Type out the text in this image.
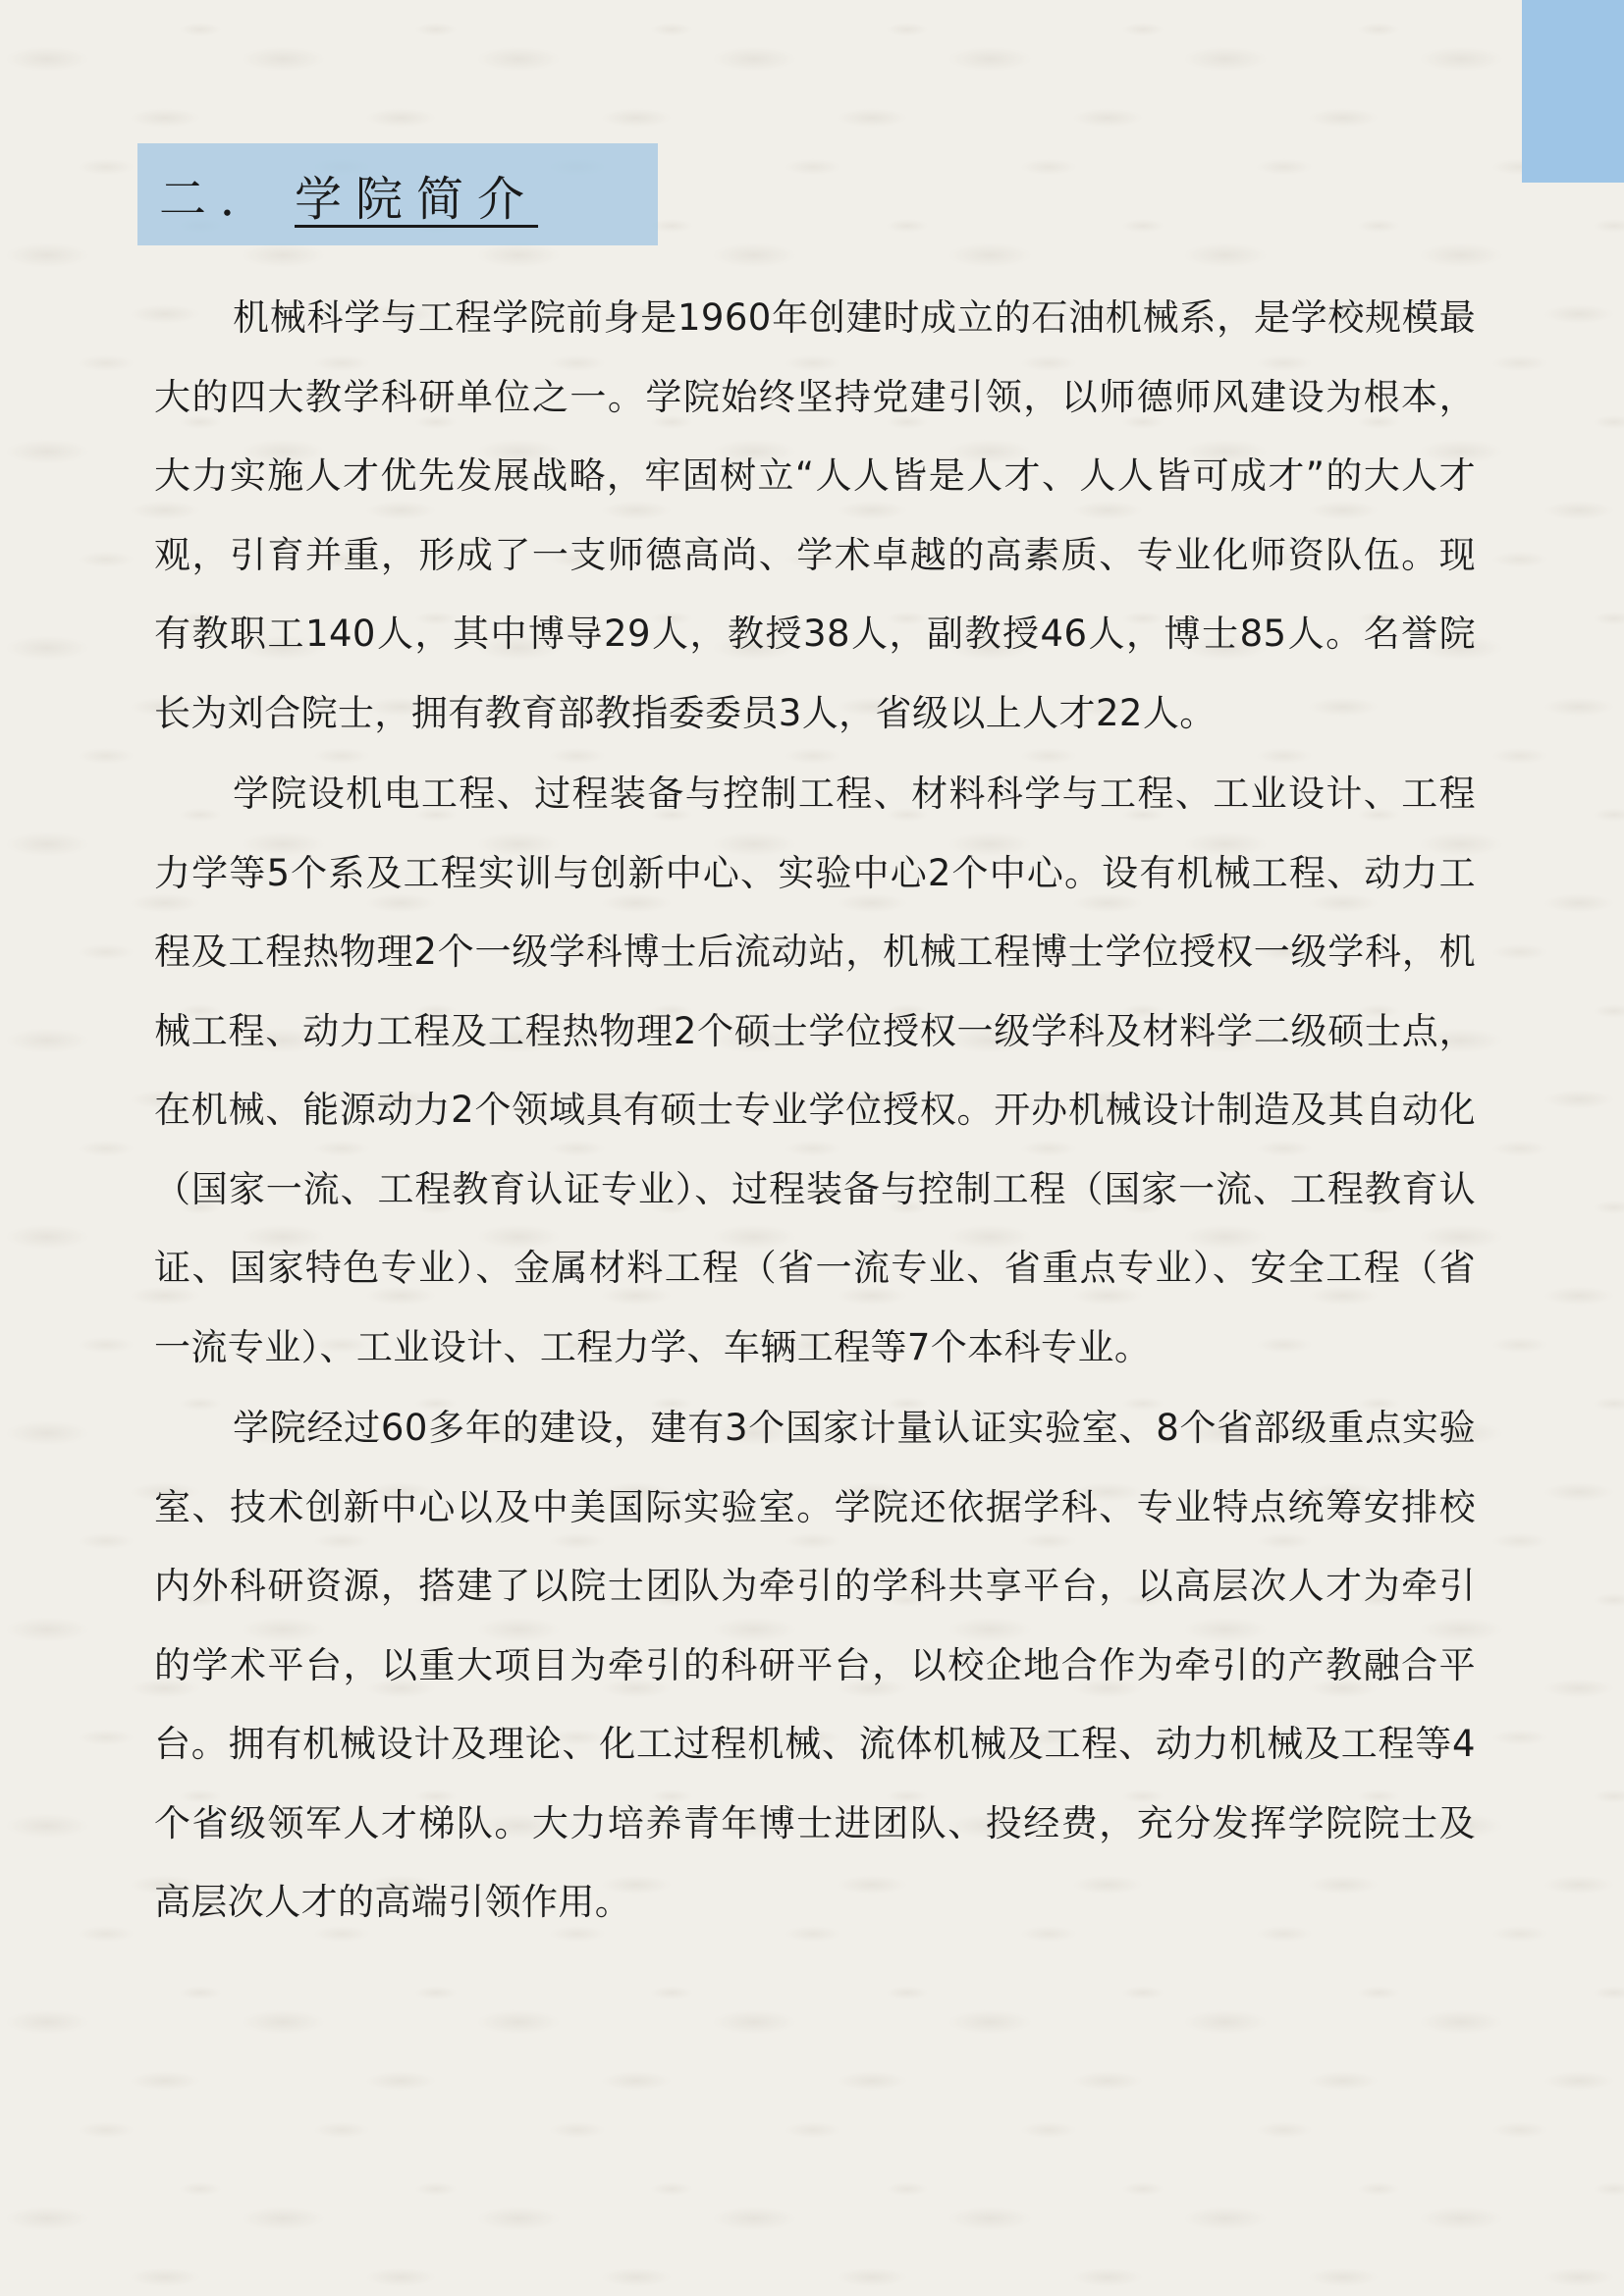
二． 学院简介

机械科学与工程学院前身是1960年创建时成立的石油机械系，是学校规模最大的四大教学科研单位之一。学院始终坚持党建引领，以师德师风建设为根本，大力实施人才优先发展战略，牢固树立“人人皆是人才、人人皆可成才”的大人才观，引育并重，形成了一支师德高尚、学术卓越的高素质、专业化师资队伍。现有教职工140人，其中博导29人，教授38人，副教授46人，博士85人。名誉院长为刘合院士，拥有教育部教指委委员3人，省级以上人才22人。

学院设机电工程、过程装备与控制工程、材料科学与工程、工业设计、工程力学等5个系及工程实训与创新中心、实验中心2个中心。设有机械工程、动力工程及工程热物理2个一级学科博士后流动站，机械工程博士学位授权一级学科，机械工程、动力工程及工程热物理2个硕士学位授权一级学科及材料学二级硕士点，在机械、能源动力2个领域具有硕士专业学位授权。开办机械设计制造及其自动化（国家一流、工程教育认证专业）、过程装备与控制工程（国家一流、工程教育认证、国家特色专业）、金属材料工程（省一流专业、省重点专业）、安全工程（省一流专业）、工业设计、工程力学、车辆工程等7个本科专业。

学院经过60多年的建设，建有3个国家计量认证实验室、8个省部级重点实验室、技术创新中心以及中美国际实验室。学院还依据学科、专业特点统筹安排校内外科研资源，搭建了以院士团队为牵引的学科共享平台，以高层次人才为牵引的学术平台，以重大项目为牵引的科研平台，以校企地合作为牵引的产教融合平台。拥有机械设计及理论、化工过程机械、流体机械及工程、动力机械及工程等4个省级领军人才梯队。大力培养青年博士进团队、投经费，充分发挥学院院士及高层次人才的高端引领作用。
